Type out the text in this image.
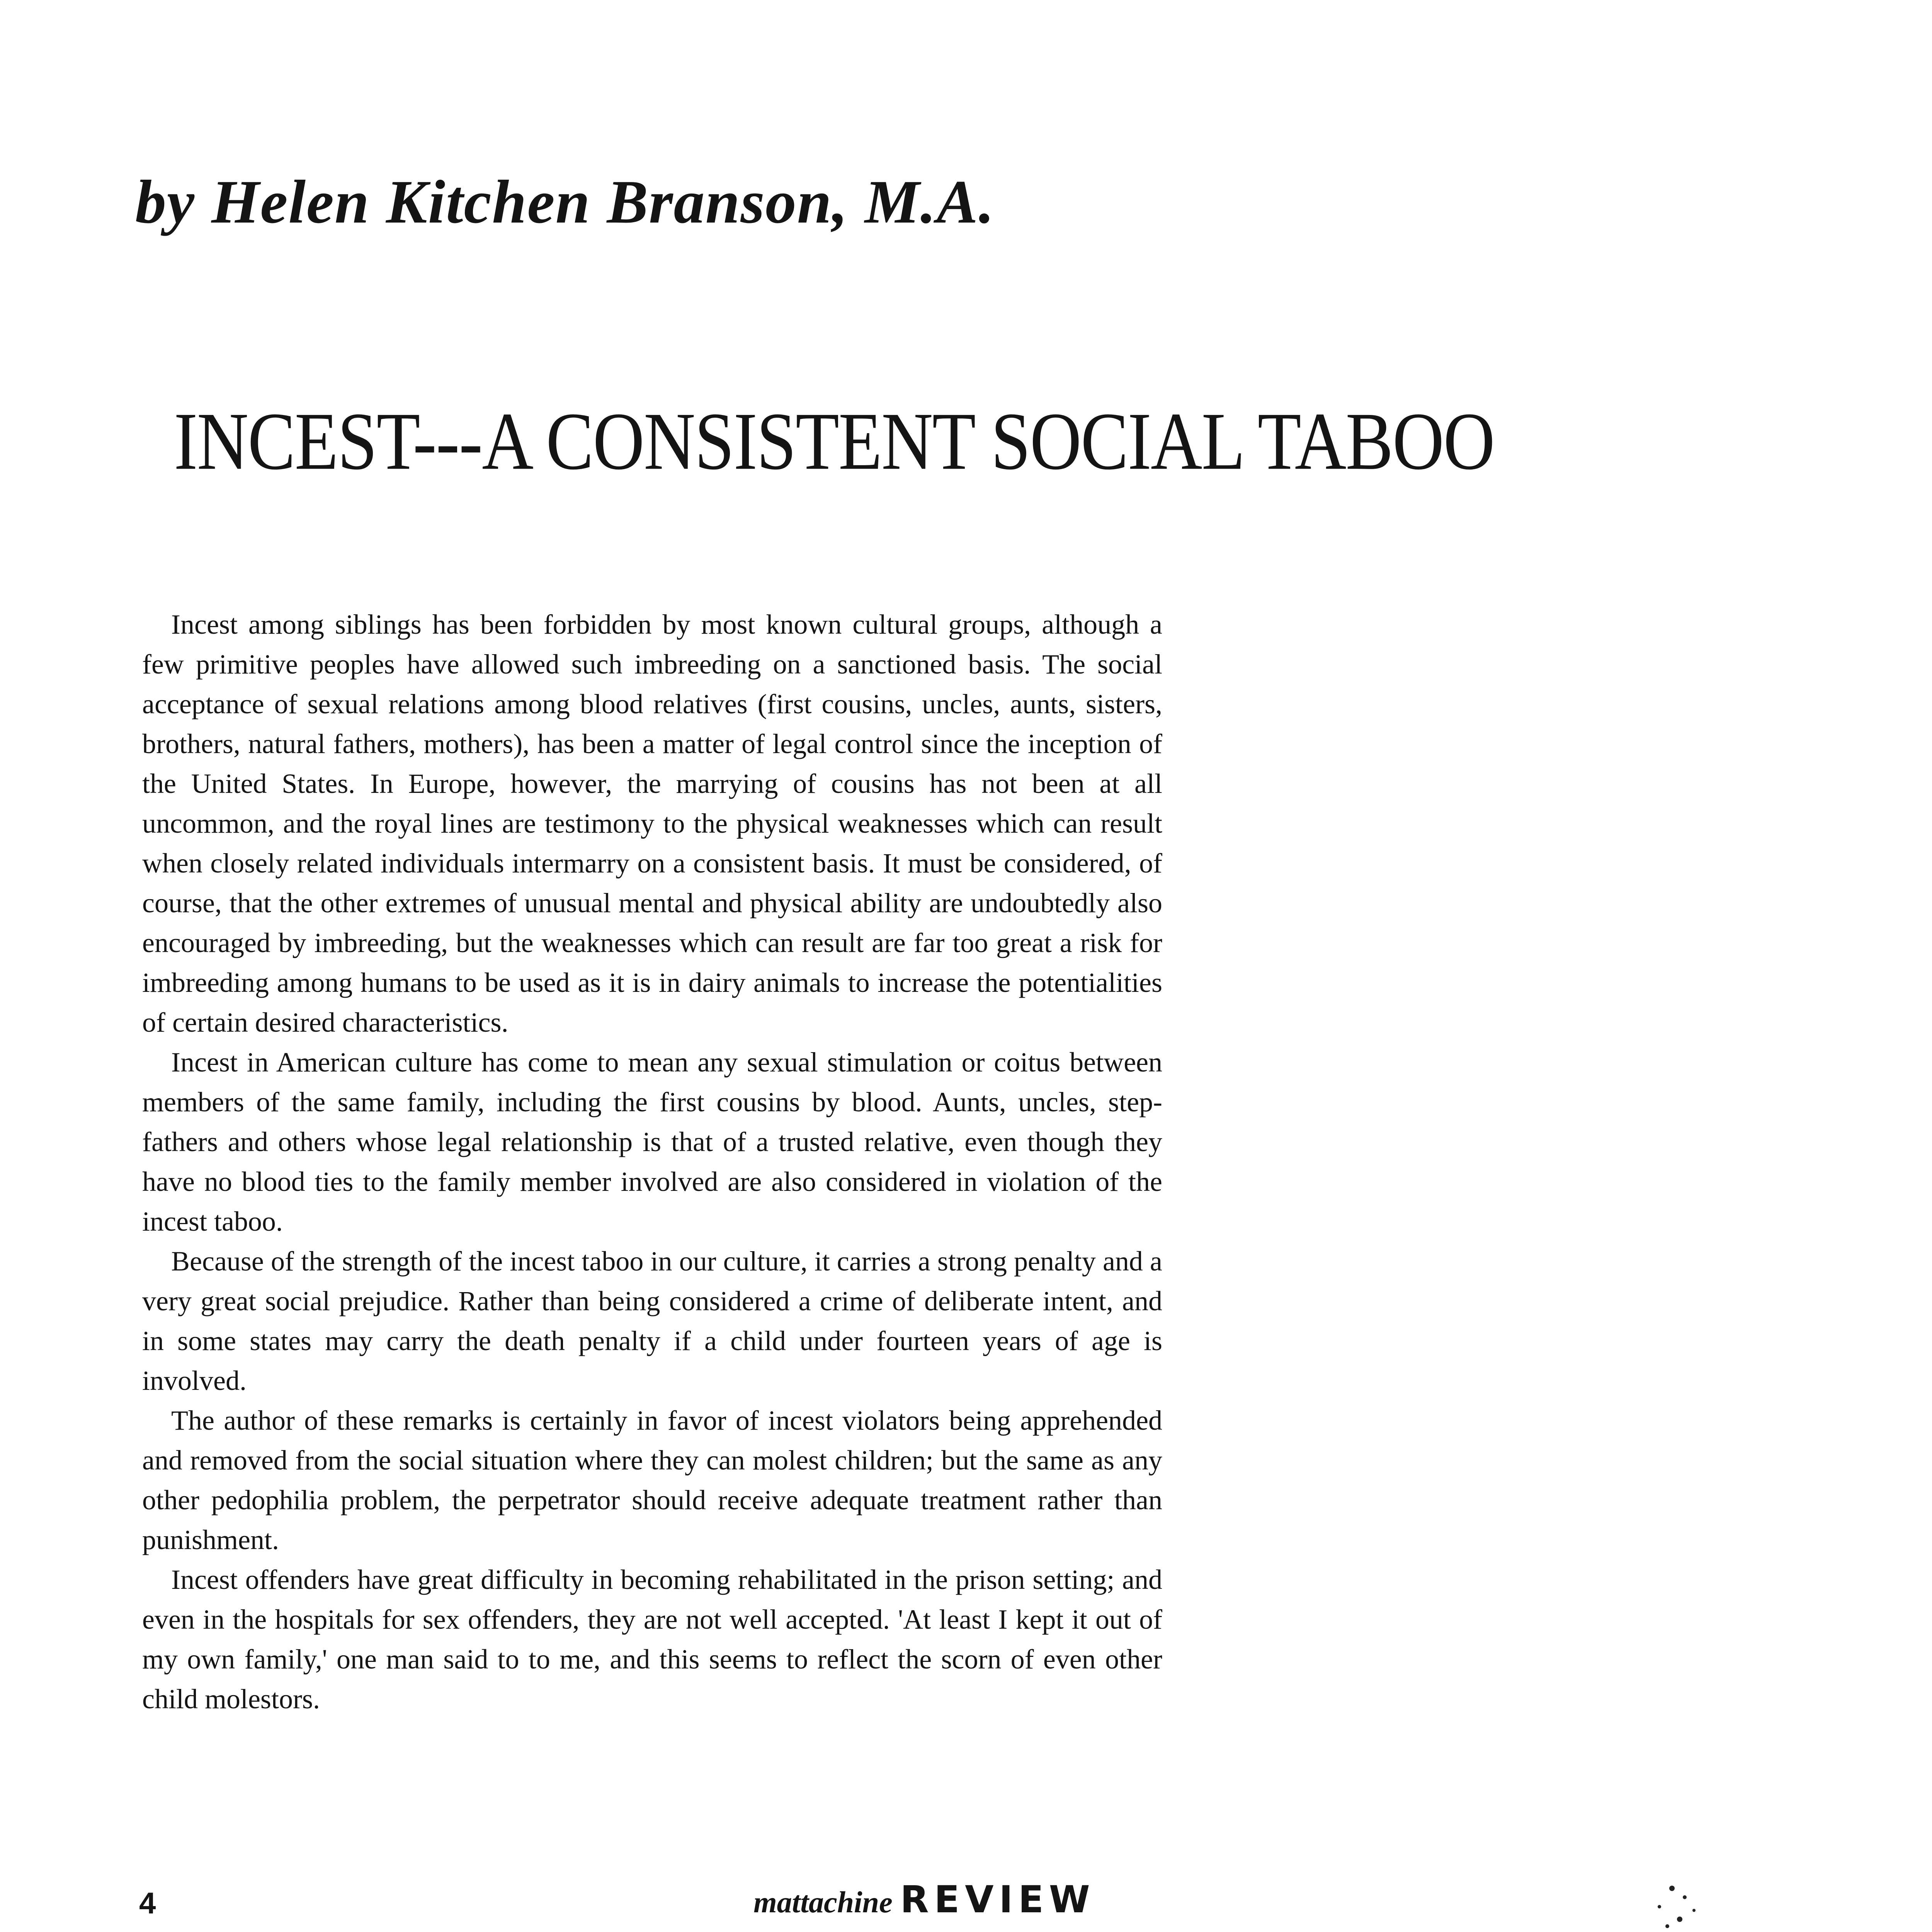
by Helen Kitchen Branson, M.A.
INCEST---A CONSISTENT SOCIAL TABOO

Incest among siblings has been forbidden by most known cultural groups, although a few primitive peoples have allowed such imbreeding on a sanctioned basis. The social acceptance of sexual relations among blood relatives (first cousins, uncles, aunts, sisters, brothers, natural fathers, mothers), has been a matter of legal control since the inception of the United States. In Europe, however, the marrying of cousins has not been at all uncommon, and the royal lines are testimony to the physical weaknesses which can result when closely related individuals intermarry on a consistent basis. It must be considered, of course, that the other extremes of unusual mental and physical ability are undoubtedly also encouraged by imbreeding, but the weaknesses which can result are far too great a risk for imbreeding among humans to be used as it is in dairy animals to increase the potentialities of certain desired characteristics.

Incest in American culture has come to mean any sexual stimulation or coitus between members of the same family, including the first cousins by blood. Aunts, uncles, step-fathers and others whose legal relationship is that of a trusted relative, even though they have no blood ties to the family member involved are also considered in violation of the incest taboo.

Because of the strength of the incest taboo in our culture, it carries a strong penalty and a very great social prejudice. Rather than being considered a crime of deliberate intent, and in some states may carry the death penalty if a child under fourteen years of age is involved.

The author of these remarks is certainly in favor of incest violators being apprehended and removed from the social situation where they can molest children; but the same as any other pedophilia problem, the perpetrator should receive adequate treatment rather than punishment.

Incest offenders have great difficulty in becoming rehabilitated in the prison setting; and even in the hospitals for sex offenders, they are not well accepted. 'At least I kept it out of my own family,' one man said to to me, and this seems to reflect the scorn of even other child molestors.

4	mattachine REVIEW
